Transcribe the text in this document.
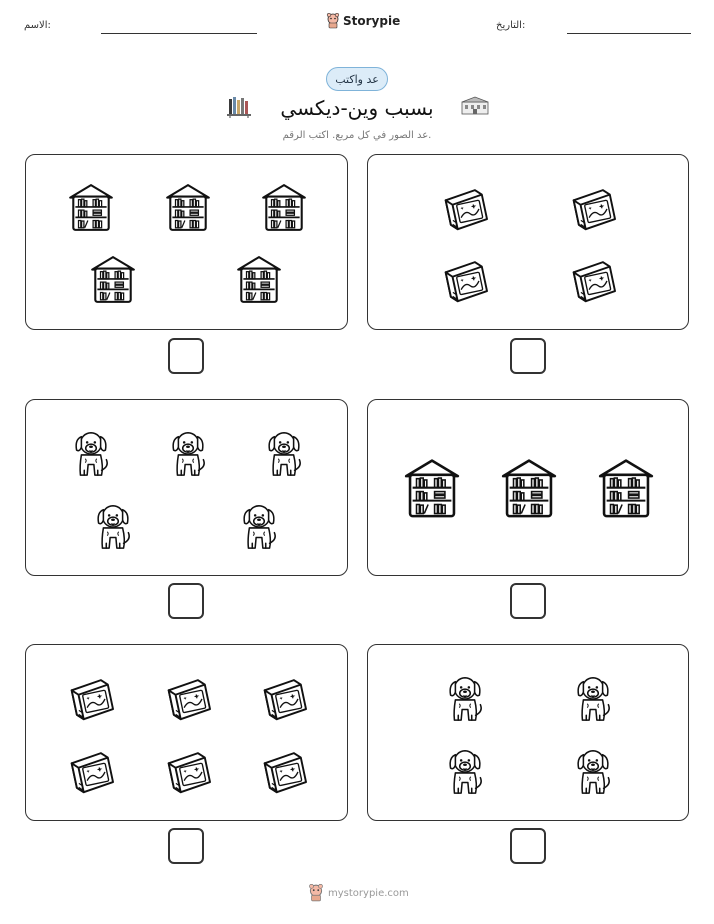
الاسم:	التاريخ:
Storypie
عد واكتب
بسبب وين-ديكسي
عد الصور في كل مربع. اكتب الرقم.
mystorypie.com
